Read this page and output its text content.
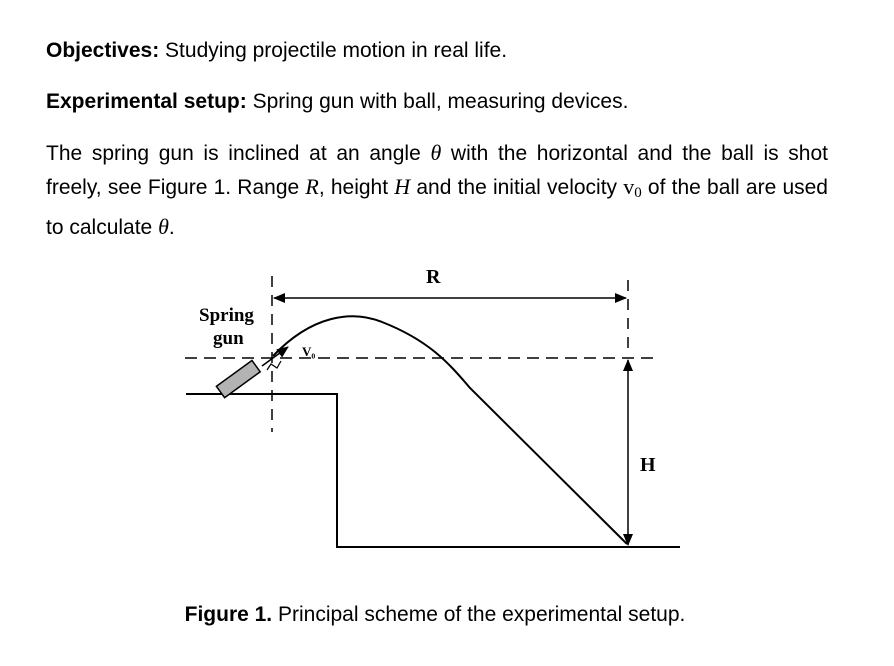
Objectives: Studying projectile motion in real life.

Experimental setup: Spring gun with ball, measuring devices.

The spring gun is inclined at an angle θ with the horizontal and the ball is shot freely, see Figure 1. Range R, height H and the initial velocity $v_0$ of the ball are used to calculate θ.

Spring
gun
V₀
R
H

Figure 1. Principal scheme of the experimental setup.
